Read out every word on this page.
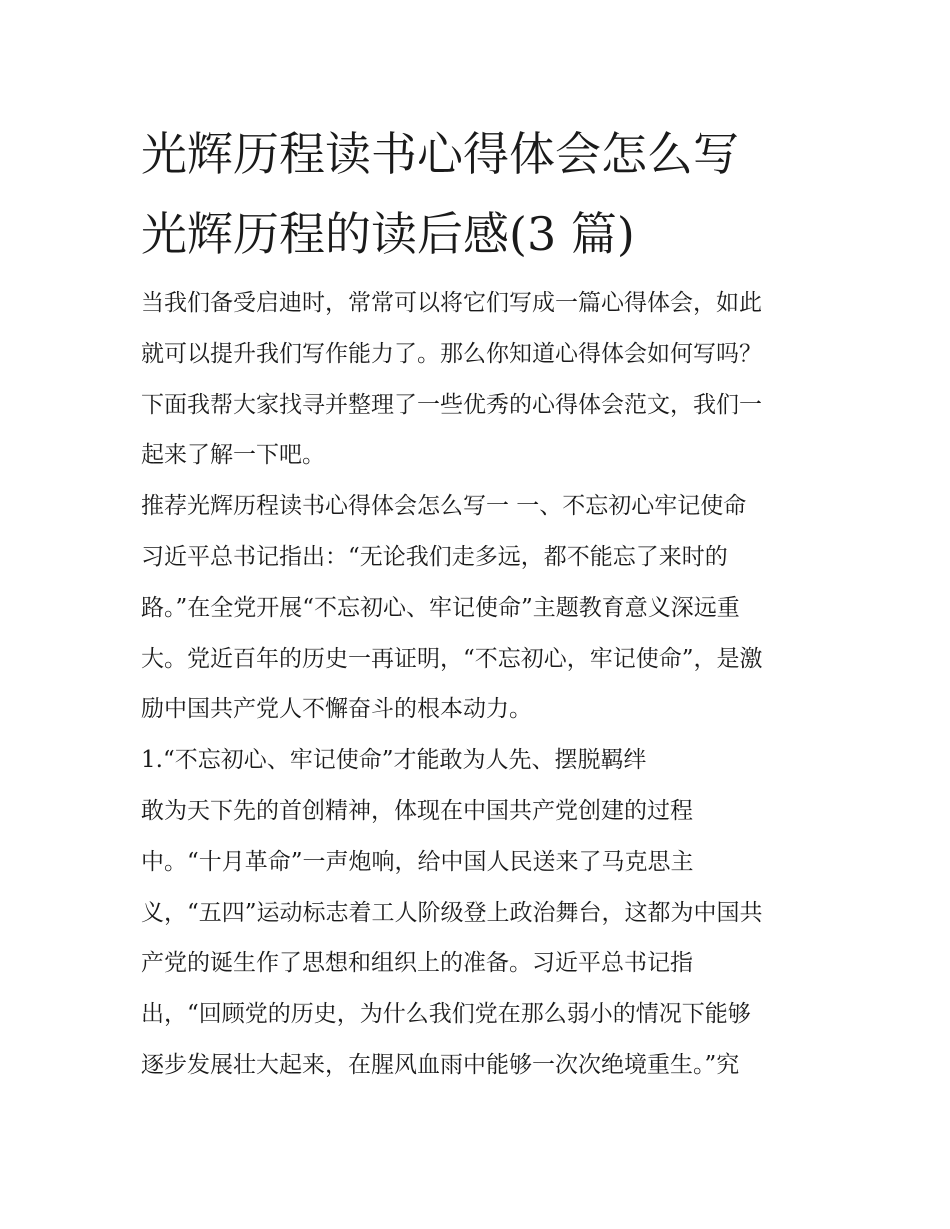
光辉历程读书心得体会怎么写
光辉历程的读后感(3 篇)
当我们备受启迪时，常常可以将它们写成一篇心得体会，如此
就可以提升我们写作能力了。那么你知道心得体会如何写吗？
下面我帮大家找寻并整理了一些优秀的心得体会范文，我们一
起来了解一下吧。
推荐光辉历程读书心得体会怎么写一 一、不忘初心牢记使命
习近平总书记指出：“无论我们走多远，都不能忘了来时的
路。”在全党开展“不忘初心、牢记使命”主题教育意义深远重
大。党近百年的历史一再证明，“不忘初心，牢记使命”，是激
励中国共产党人不懈奋斗的根本动力。
1.“不忘初心、牢记使命”才能敢为人先、摆脱羁绊
敢为天下先的首创精神，体现在中国共产党创建的过程
中。“十月革命”一声炮响，给中国人民送来了马克思主
义，“五四”运动标志着工人阶级登上政治舞台，这都为中国共
产党的诞生作了思想和组织上的准备。习近平总书记指
出，“回顾党的历史，为什么我们党在那么弱小的情况下能够
逐步发展壮大起来，在腥风血雨中能够一次次绝境重生。”究
